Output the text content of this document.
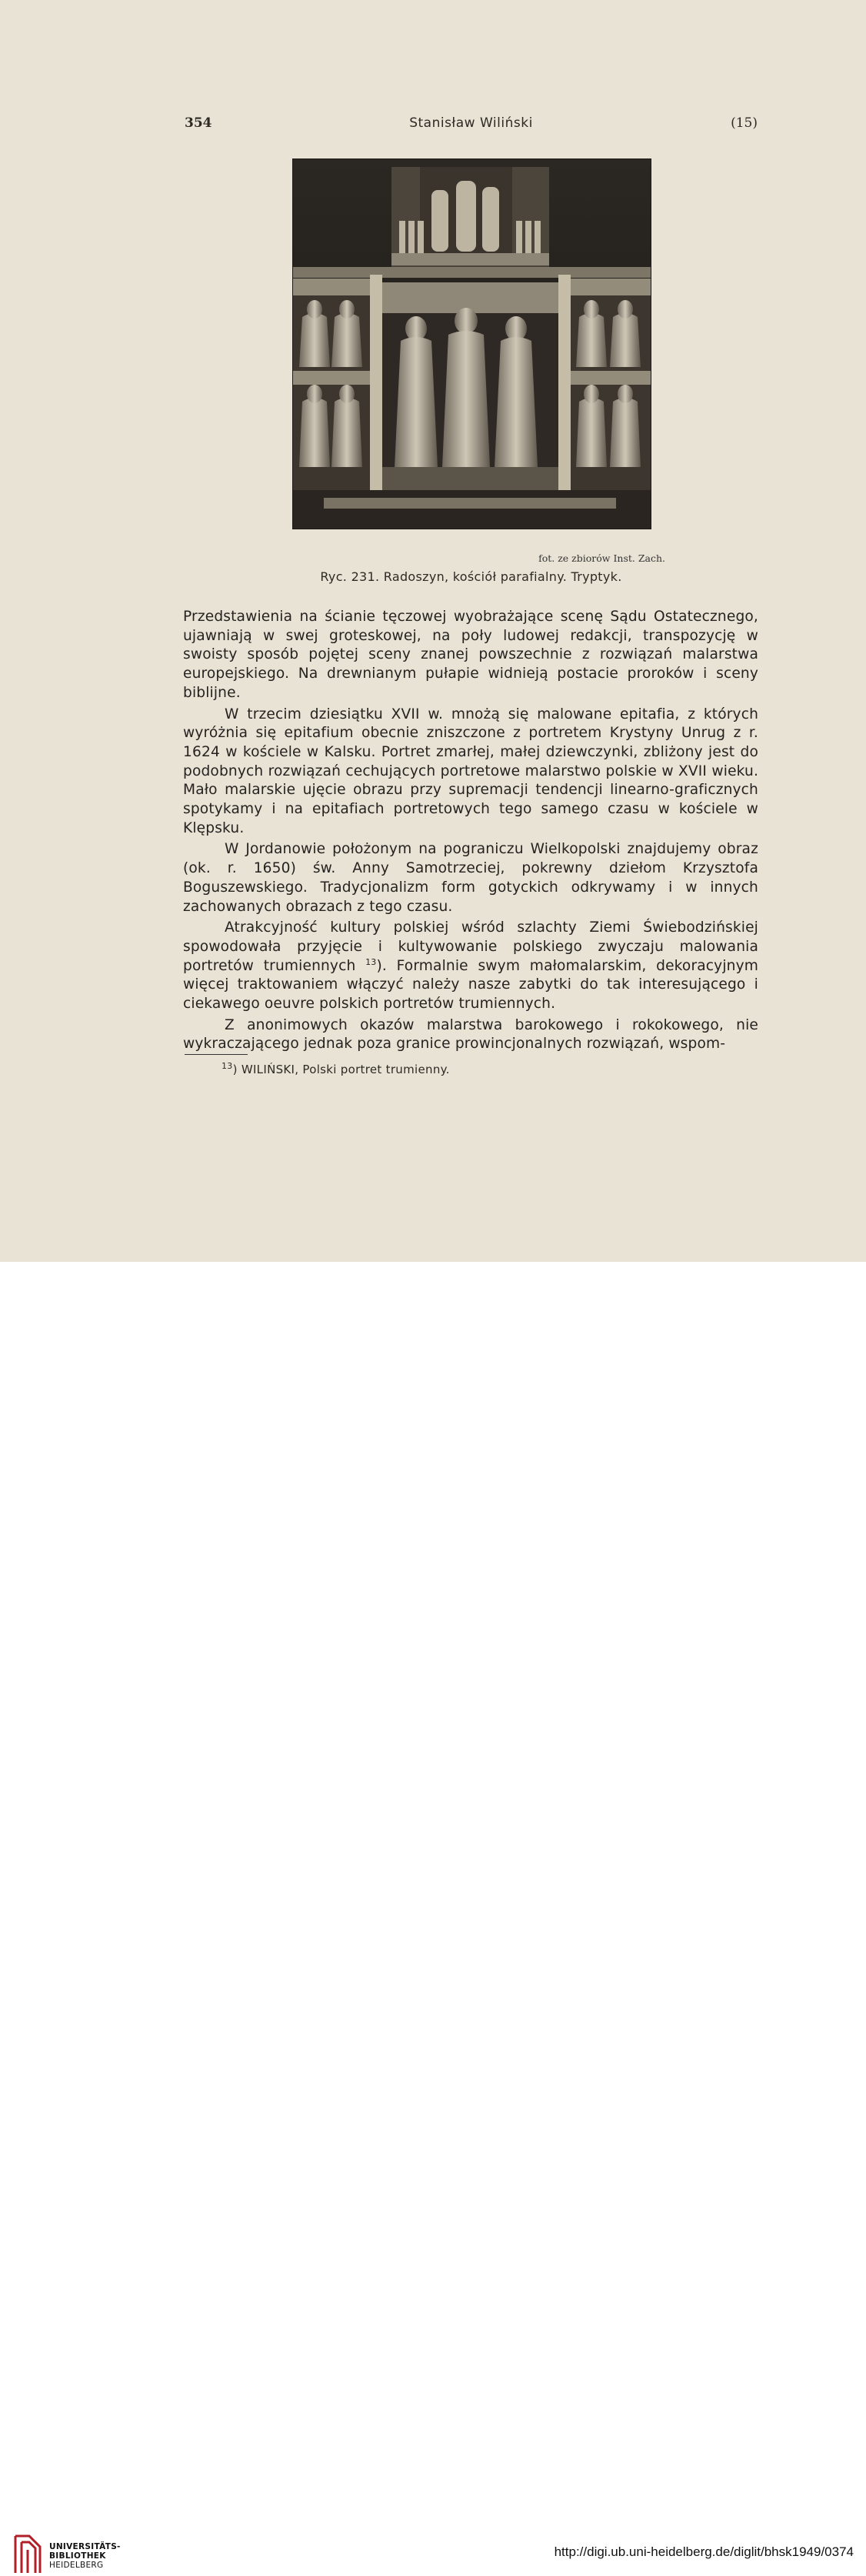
354	Stanisław Wiliński	(15)
fot. ze zbiorów Inst. Zach.
Ryc. 231. Radoszyn, kościół parafialny. Tryptyk.

Przedstawienia na ścianie tęczowej wyobrażające scenę Sądu Ostatecznego, ujawniają w swej groteskowej, na poły ludowej redakcji, transpozycję w swoisty sposób pojętej sceny znanej powszechnie z rozwiązań malarstwa europejskiego. Na drewnianym pułapie widnieją postacie proroków i sceny biblijne.

W trzecim dziesiątku XVII w. mnożą się malowane epitafia, z których wyróżnia się epitafium obecnie zniszczone z portretem Krystyny Unrug z r. 1624 w kościele w Kalsku. Portret zmarłej, małej dziewczynki, zbliżony jest do podobnych rozwiązań cechujących portretowe malarstwo polskie w XVII wieku. Mało malarskie ujęcie obrazu przy supremacji tendencji linearno-graficznych spotykamy i na epitafiach portretowych tego samego czasu w kościele w Klępsku.

W Jordanowie położonym na pograniczu Wielkopolski znajdujemy obraz (ok. r. 1650) św. Anny Samotrzeciej, pokrewny dziełom Krzysztofa Boguszewskiego. Tradycjonalizm form gotyckich odkrywamy i w innych zachowanych obrazach z tego czasu.

Atrakcyjność kultury polskiej wśród szlachty Ziemi Świebodzińskiej spowodowała przyjęcie i kultywowanie polskiego zwyczaju malowania portretów trumiennych $^{13}$). Formalnie swym małomalarskim, dekoracyjnym więcej traktowaniem włączyć należy nasze zabytki do tak interesującego i ciekawego oeuvre polskich portretów trumiennych.

Z anonimowych okazów malarstwa barokowego i rokokowego, nie wykraczającego jednak poza granice prowincjonalnych rozwiązań, wspom-

$^{13}$) WILIŃSKI, Polski portret trumienny.
UNIVERSITÄTS-
BIBLIOTHEK
HEIDELBERG
http://digi.ub.uni-heidelberg.de/diglit/bhsk1949/0374
